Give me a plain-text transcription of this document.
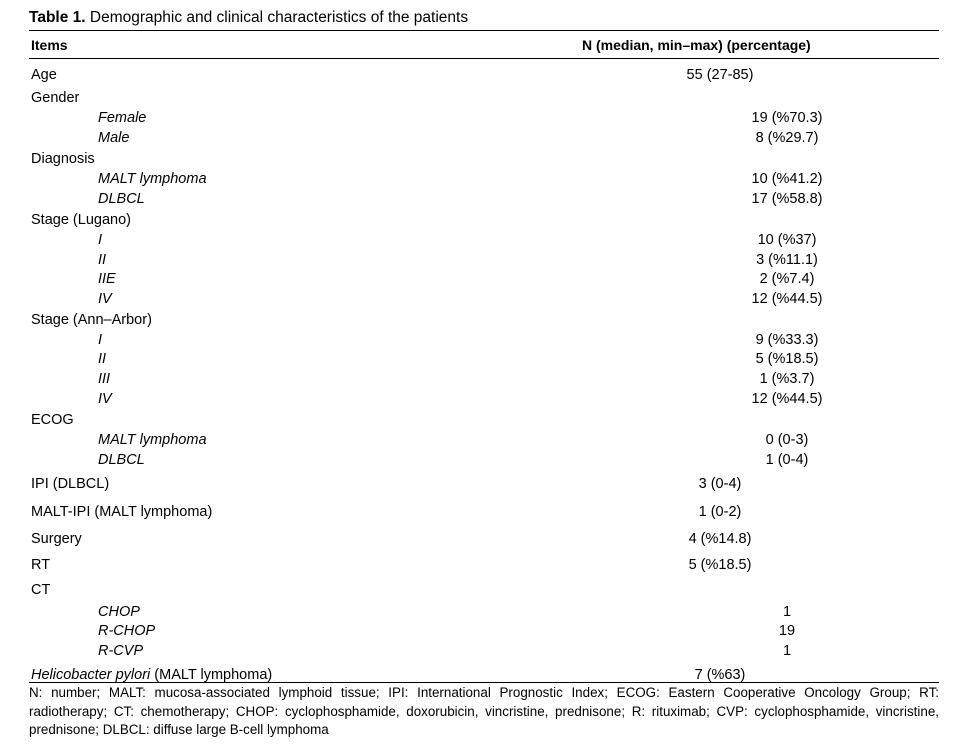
Table 1. Demographic and clinical characteristics of the patients
Items	N (median, min–max) (percentage)
Age	55 (27-85)
Gender
Female	19 (%70.3)
Male	8 (%29.7)
Diagnosis
MALT lymphoma	10 (%41.2)
DLBCL	17 (%58.8)
Stage (Lugano)
I	10 (%37)
II	3 (%11.1)
IIE	2 (%7.4)
IV	12 (%44.5)
Stage (Ann–Arbor)
I	9 (%33.3)
II	5 (%18.5)
III	1 (%3.7)
IV	12 (%44.5)
ECOG
MALT lymphoma	0 (0-3)
DLBCL	1 (0-4)
IPI (DLBCL)	3 (0-4)
MALT-IPI (MALT lymphoma)	1 (0-2)
Surgery	4 (%14.8)
RT	5 (%18.5)
CT
CHOP	1
R-CHOP	19
R-CVP	1
Helicobacter pylori (MALT lymphoma)	7 (%63)
N: number; MALT: mucosa-associated lymphoid tissue; IPI: International Prognostic Index; ECOG: Eastern Cooperative Oncology Group; RT: radiotherapy; CT: chemotherapy; CHOP: cyclophosphamide, doxorubicin, vincristine, prednisone; R: rituximab; CVP: cyclophosphamide, vincristine, prednisone; DLBCL: diffuse large B-cell lymphoma
